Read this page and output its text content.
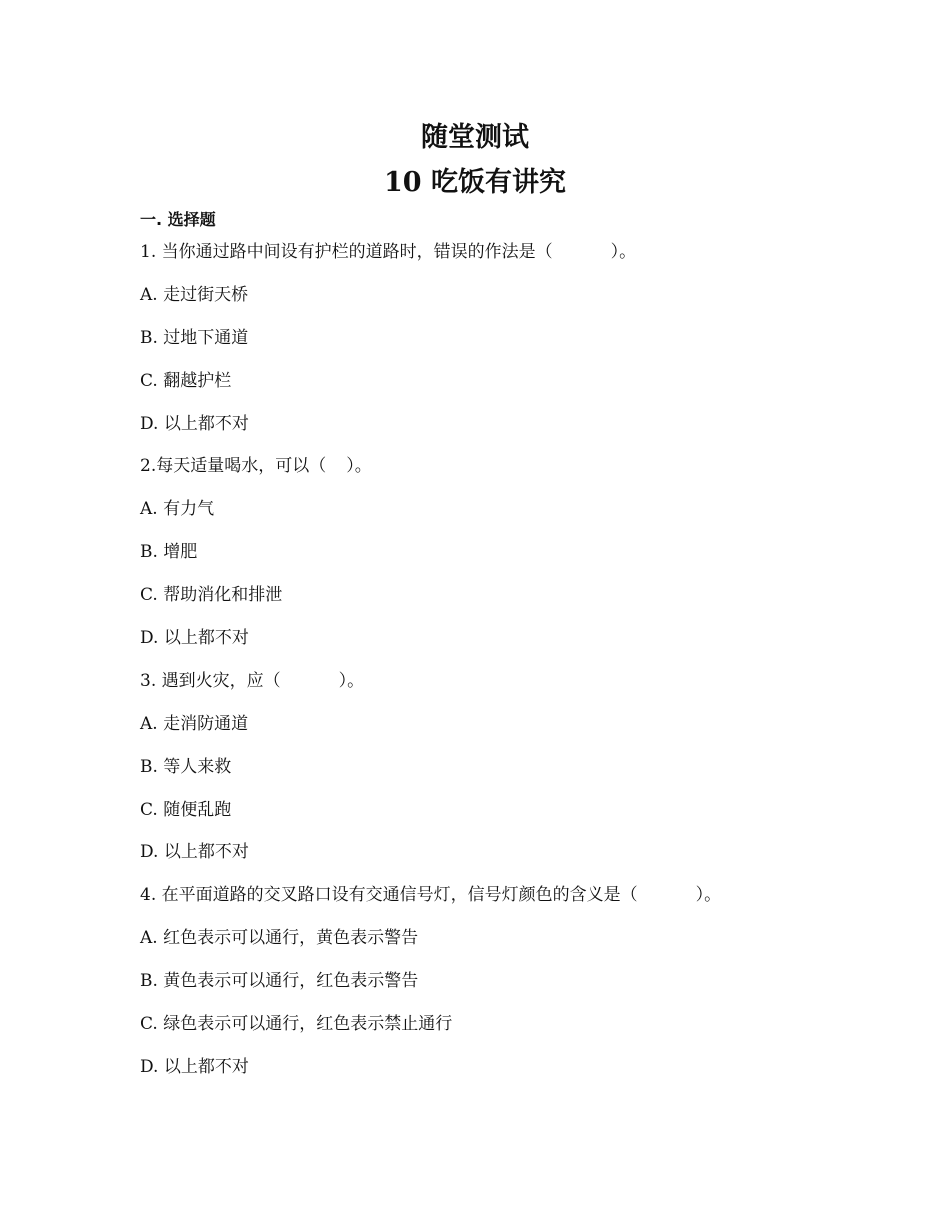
随堂测试
10 吃饭有讲究
一. 选择题
1. 当你通过路中间设有护栏的道路时，错误的作法是（	）。
A. 走过街天桥
B. 过地下通道
C. 翻越护栏
D. 以上都不对
2.每天适量喝水，可以（ ）。
A. 有力气
B. 增肥
C. 帮助消化和排泄
D. 以上都不对
3. 遇到火灾，应（	）。
A. 走消防通道
B. 等人来救
C. 随便乱跑
D. 以上都不对
4. 在平面道路的交叉路口设有交通信号灯，信号灯颜色的含义是（	）。
A. 红色表示可以通行，黄色表示警告
B. 黄色表示可以通行，红色表示警告
C. 绿色表示可以通行，红色表示禁止通行
D. 以上都不对
